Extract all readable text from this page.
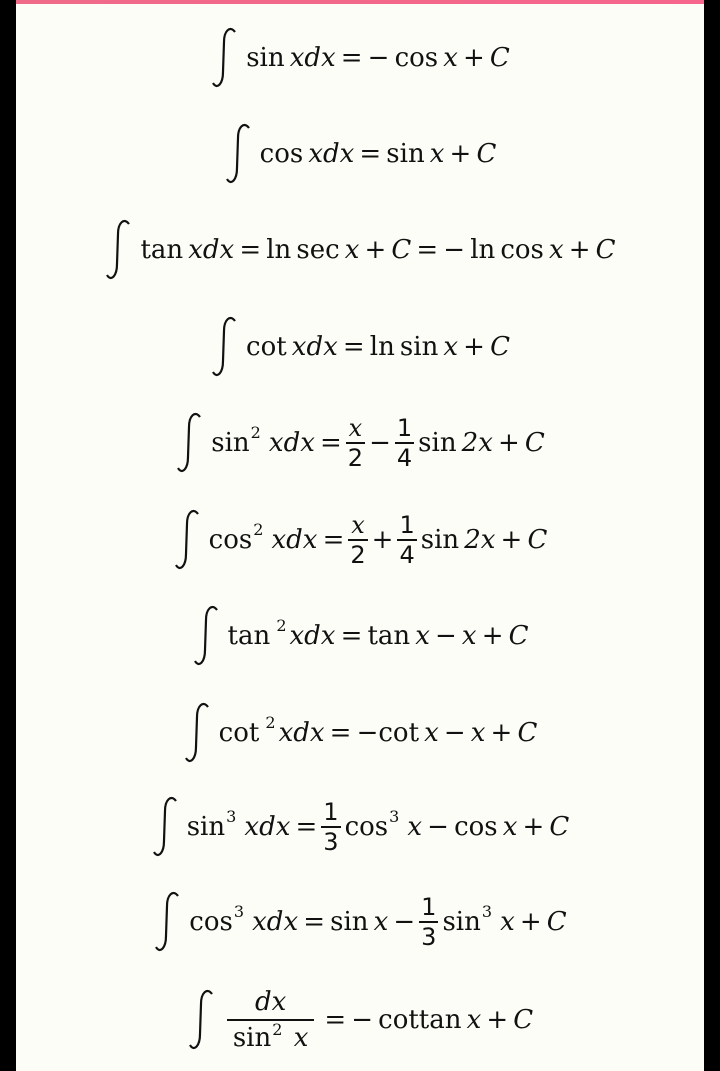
sin
xdx
=
−
cos
x
+
C
cos
xdx
=
sin
x
+
C
tan
xdx
=
ln
sec
x
+
C
=
−
ln
cos
x
+
C
cot
xdx
=
ln
sin
x
+
C
sin 2
xdx
= $\frac{x}{2} - \frac{1}{4}$ sin
2x
+
C
cos 2
xdx
= $\frac{x}{2} + \frac{1}{4}$ sin
2x
+
C
tan
2 xdx
=
tan
x
−
x
+
C
cot
2 xdx
=
− cot
x
−
x
+
C
sin 3
xdx
= $\frac{1}{3}$ cos 3
x
−
cos
x
+
C
cos 3
xdx
=
sin
x
− $\frac{1}{3}$ sin 3
x
+
C
$\frac{dx}{\sin^2 x}$ =
−
cottan
x
+
C
